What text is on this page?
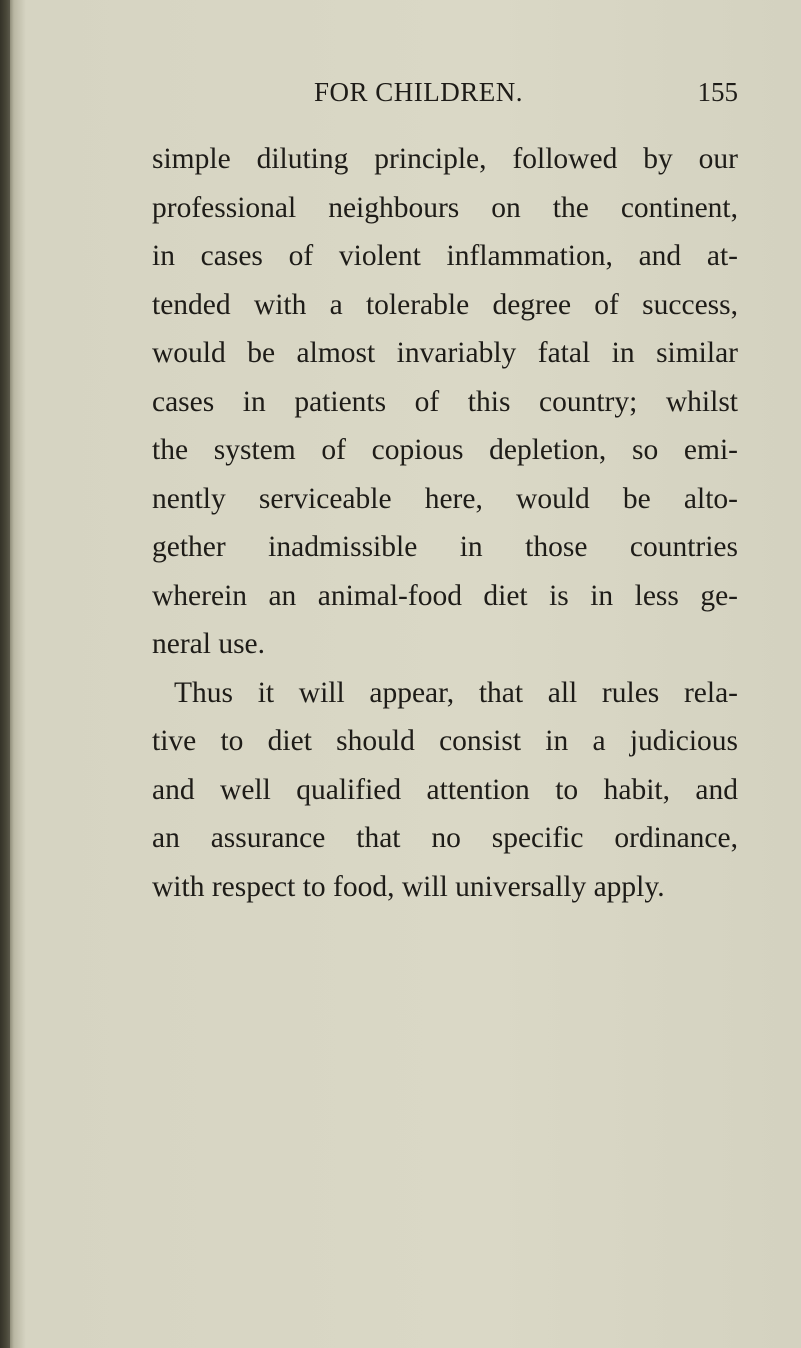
FOR CHILDREN.	155
simple diluting principle, followed by our
professional neighbours on the continent,
in cases of violent inflammation, and at-
tended with a tolerable degree of success,
would be almost invariably fatal in similar
cases in patients of this country; whilst
the system of copious depletion, so emi-
nently serviceable here, would be alto-
gether inadmissible in those countries
wherein an animal-food diet is in less ge-
neral use.
Thus it will appear, that all rules rela-
tive to diet should consist in a judicious
and well qualified attention to habit, and
an assurance that no specific ordinance,
with respect to food, will universally apply.
